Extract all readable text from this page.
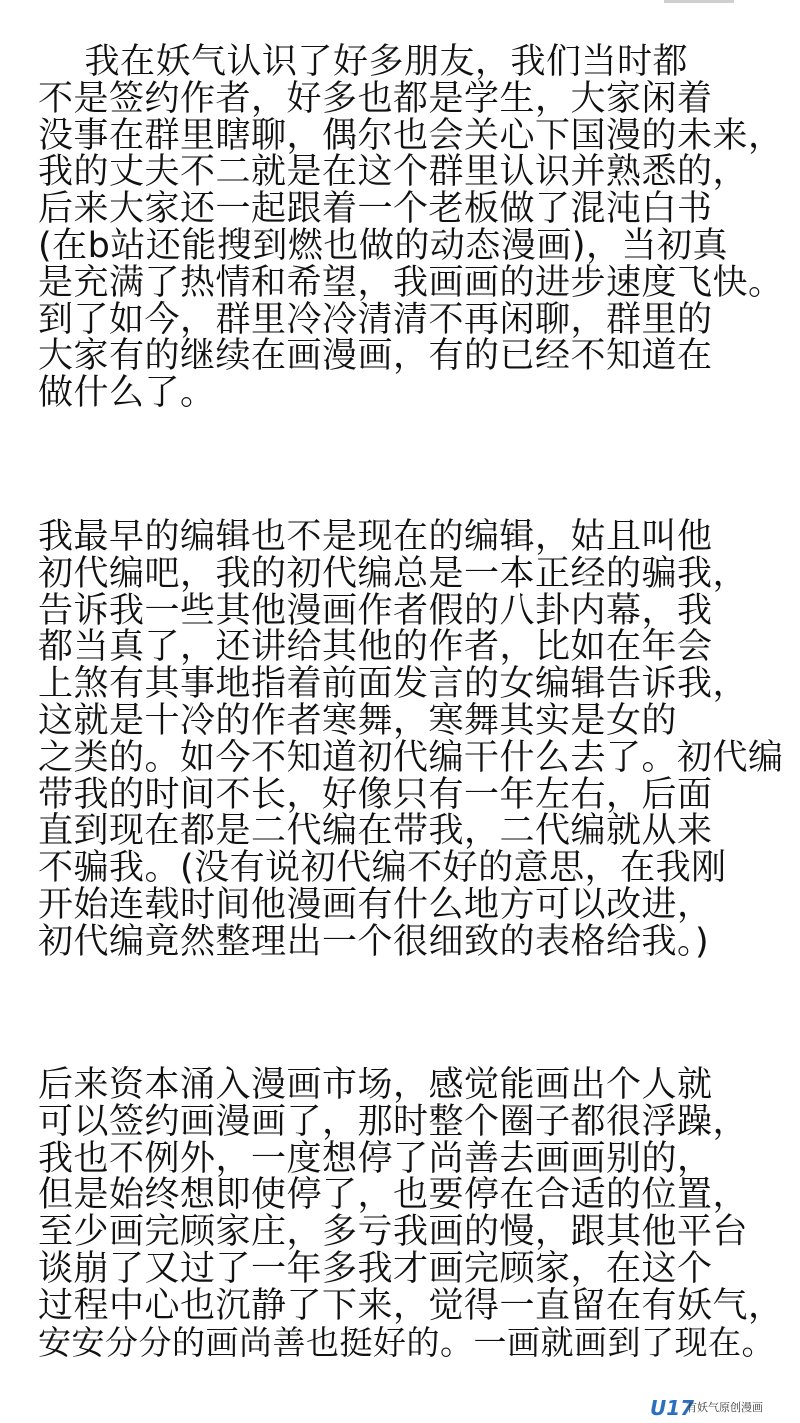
我在妖气认识了好多朋友，我们当时都
不是签约作者，好多也都是学生，大家闲着
没事在群里瞎聊，偶尔也会关心下国漫的未来，
我的丈夫不二就是在这个群里认识并熟悉的，
后来大家还一起跟着一个老板做了混沌白书
(在b站还能搜到燃也做的动态漫画)，当初真
是充满了热情和希望，我画画的进步速度飞快。
到了如今，群里冷冷清清不再闲聊，群里的
大家有的继续在画漫画，有的已经不知道在
做什么了。
我最早的编辑也不是现在的编辑，姑且叫他
初代编吧，我的初代编总是一本正经的骗我，
告诉我一些其他漫画作者假的八卦内幕，我
都当真了，还讲给其他的作者，比如在年会
上煞有其事地指着前面发言的女编辑告诉我，
这就是十冷的作者寒舞，寒舞其实是女的
之类的。如今不知道初代编干什么去了。初代编
带我的时间不长，好像只有一年左右，后面
直到现在都是二代编在带我，二代编就从来
不骗我。(没有说初代编不好的意思，在我刚
开始连载时间他漫画有什么地方可以改进，
初代编竟然整理出一个很细致的表格给我。)
后来资本涌入漫画市场，感觉能画出个人就
可以签约画漫画了，那时整个圈子都很浮躁，
我也不例外，一度想停了尚善去画画别的，
但是始终想即使停了，也要停在合适的位置，
至少画完顾家庄，多亏我画的慢，跟其他平台
谈崩了又过了一年多我才画完顾家，在这个
过程中心也沉静了下来，觉得一直留在有妖气，
安安分分的画尚善也挺好的。一画就画到了现在。
U17
有妖气原创漫画
